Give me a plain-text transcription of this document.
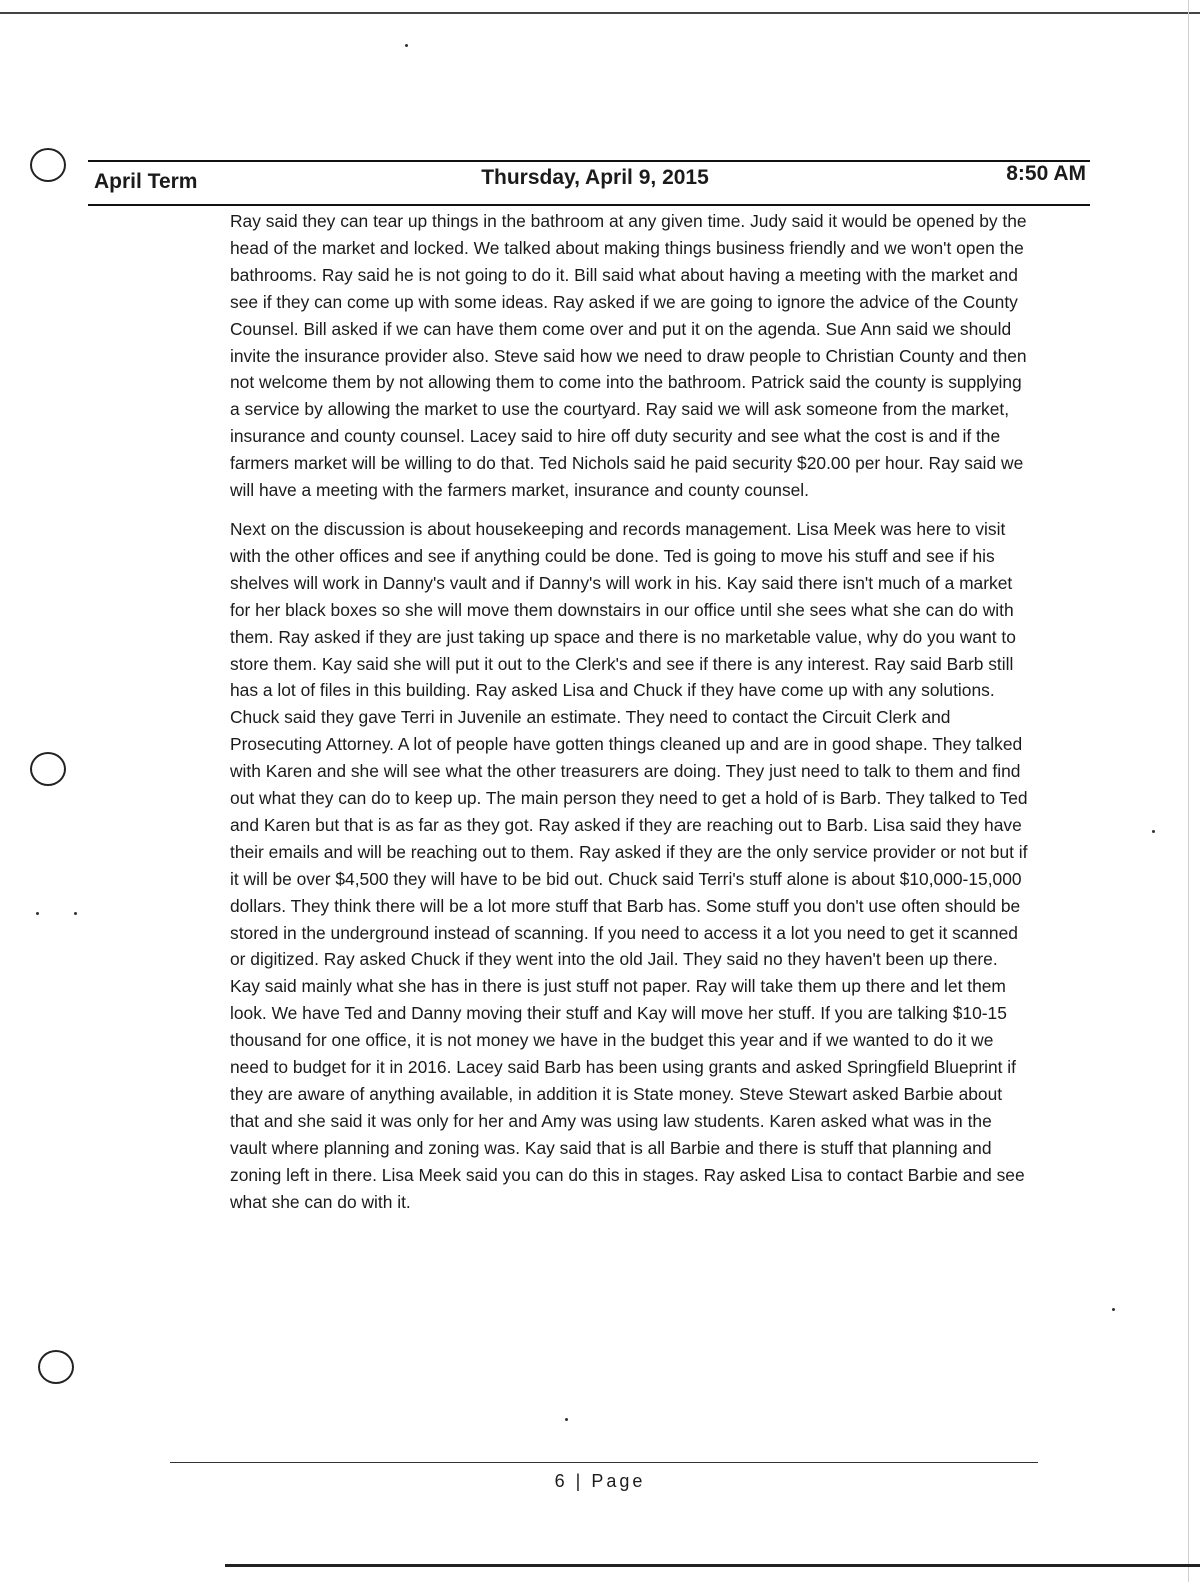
April Term	Thursday, April 9, 2015	8:50 AM

Ray said they can tear up things in the bathroom at any given time. Judy said it would be opened by the head of the market and locked. We talked about making things business friendly and we won't open the bathrooms. Ray said he is not going to do it. Bill said what about having a meeting with the market and see if they can come up with some ideas. Ray asked if we are going to ignore the advice of the County Counsel. Bill asked if we can have them come over and put it on the agenda. Sue Ann said we should invite the insurance provider also. Steve said how we need to draw people to Christian County and then not welcome them by not allowing them to come into the bathroom. Patrick said the county is supplying a service by allowing the market to use the courtyard. Ray said we will ask someone from the market, insurance and county counsel. Lacey said to hire off duty security and see what the cost is and if the farmers market will be willing to do that. Ted Nichols said he paid security $20.00 per hour. Ray said we will have a meeting with the farmers market, insurance and county counsel.

Next on the discussion is about housekeeping and records management. Lisa Meek was here to visit with the other offices and see if anything could be done. Ted is going to move his stuff and see if his shelves will work in Danny's vault and if Danny's will work in his. Kay said there isn't much of a market for her black boxes so she will move them downstairs in our office until she sees what she can do with them. Ray asked if they are just taking up space and there is no marketable value, why do you want to store them. Kay said she will put it out to the Clerk's and see if there is any interest. Ray said Barb still has a lot of files in this building. Ray asked Lisa and Chuck if they have come up with any solutions. Chuck said they gave Terri in Juvenile an estimate. They need to contact the Circuit Clerk and Prosecuting Attorney. A lot of people have gotten things cleaned up and are in good shape. They talked with Karen and she will see what the other treasurers are doing. They just need to talk to them and find out what they can do to keep up. The main person they need to get a hold of is Barb. They talked to Ted and Karen but that is as far as they got. Ray asked if they are reaching out to Barb. Lisa said they have their emails and will be reaching out to them. Ray asked if they are the only service provider or not but if it will be over $4,500 they will have to be bid out. Chuck said Terri's stuff alone is about $10,000-15,000 dollars. They think there will be a lot more stuff that Barb has. Some stuff you don't use often should be stored in the underground instead of scanning. If you need to access it a lot you need to get it scanned or digitized. Ray asked Chuck if they went into the old Jail. They said no they haven't been up there. Kay said mainly what she has in there is just stuff not paper. Ray will take them up there and let them look. We have Ted and Danny moving their stuff and Kay will move her stuff. If you are talking $10-15 thousand for one office, it is not money we have in the budget this year and if we wanted to do it we need to budget for it in 2016. Lacey said Barb has been using grants and asked Springfield Blueprint if they are aware of anything available, in addition it is State money. Steve Stewart asked Barbie about that and she said it was only for her and Amy was using law students. Karen asked what was in the vault where planning and zoning was. Kay said that is all Barbie and there is stuff that planning and zoning left in there. Lisa Meek said you can do this in stages. Ray asked Lisa to contact Barbie and see what she can do with it.

6 | Page
